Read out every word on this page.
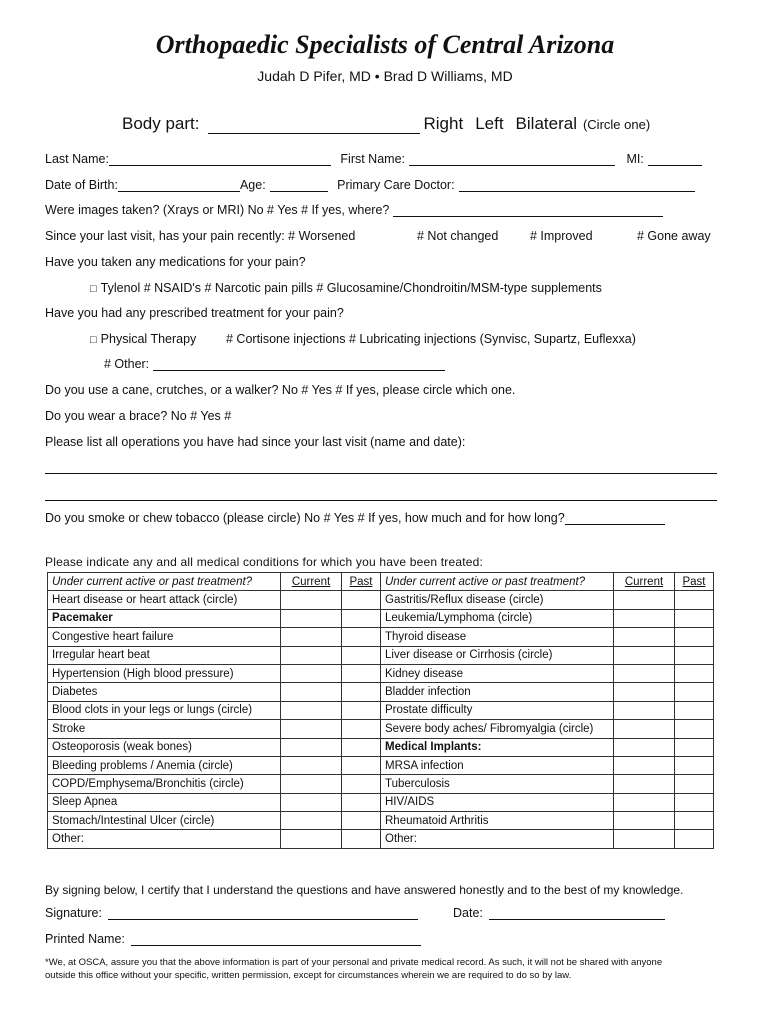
Orthopaedic Specialists of Central Arizona
Judah D Pifer, MD • Brad D Williams, MD
Body part:	Right Left Bilateral (Circle one)
Last Name:	First Name:	MI:
Date of Birth:	Age:	Primary Care Doctor:
Were images taken? (Xrays or MRI) No # Yes # If yes, where?
Since your last visit, has your pain recently: # Worsened	# Not changed	# Improved	# Gone away
Have you taken any medications for your pain?
□ Tylenol # NSAID's # Narcotic pain pills # Glucosamine/Chondroitin/MSM-type supplements
Have you had any prescribed treatment for your pain?
□ Physical Therapy # Cortisone injections # Lubricating injections (Synvisc, Supartz, Euflexxa)
# Other:
Do you use a cane, crutches, or a walker? No # Yes # If yes, please circle which one.
Do you wear a brace? No # Yes #
Please list all operations you have had since your last visit (name and date):
Do you smoke or chew tobacco (please circle) No # Yes # If yes, how much and for how long?
Please indicate any and all medical conditions for which you have been treated:
Under current active or past treatment?	Current	Past	Under current active or past treatment?	Current	Past
Heart disease or heart attack (circle)			Gastritis/Reflux disease (circle)		
Pacemaker			Leukemia/Lymphoma (circle)		
Congestive heart failure			Thyroid disease		
Irregular heart beat			Liver disease or Cirrhosis (circle)		
Hypertension (High blood pressure)			Kidney disease		
Diabetes			Bladder infection		
Blood clots in your legs or lungs (circle)			Prostate difficulty		
Stroke			Severe body aches/ Fibromyalgia (circle)		
Osteoporosis (weak bones)			Medical Implants:		
Bleeding problems / Anemia (circle)			MRSA infection		
COPD/Emphysema/Bronchitis (circle)			Tuberculosis		
Sleep Apnea			HIV/AIDS		
Stomach/Intestinal Ulcer (circle)			Rheumatoid Arthritis		
Other:			Other:		
By signing below, I certify that I understand the questions and have answered honestly and to the best of my knowledge.
Signature:	Date:
Printed Name:
*We, at OSCA, assure you that the above information is part of your personal and private medical record. As such, it will not be shared with anyone
outside this office without your specific, written permission, except for circumstances wherein we are required to do so by law.
